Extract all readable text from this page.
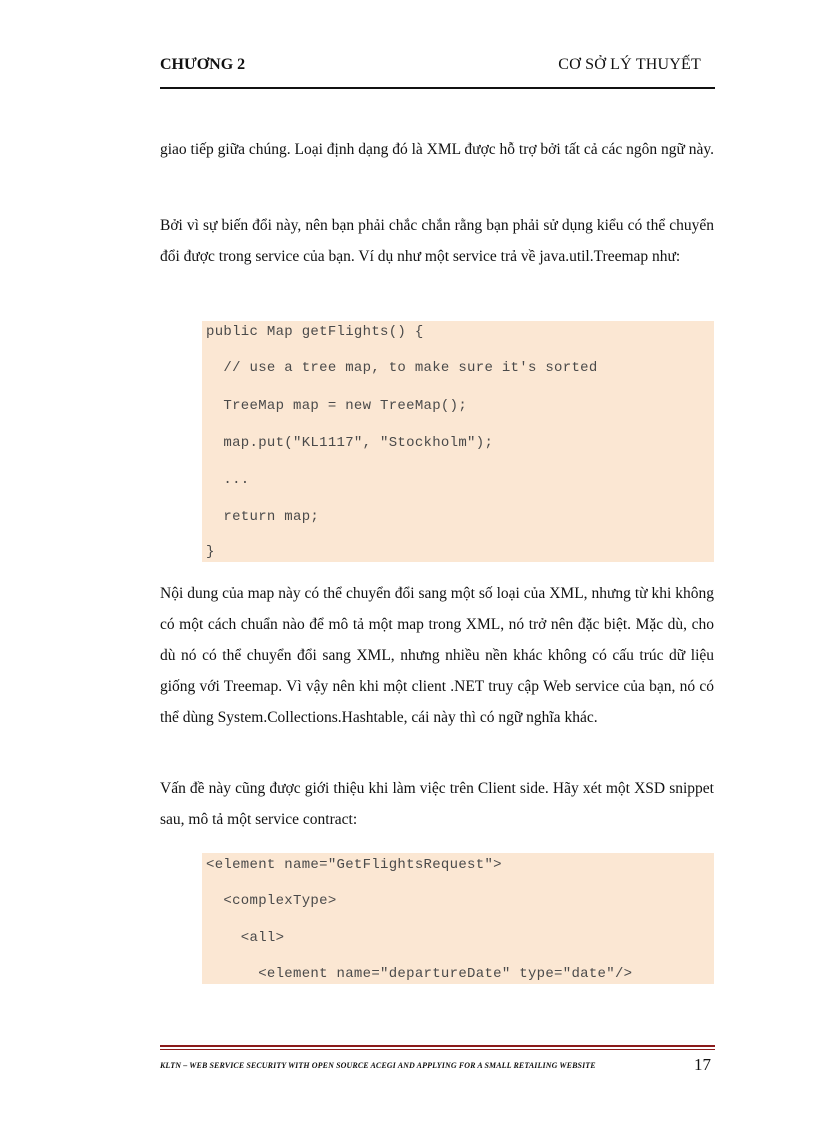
CHƯƠNG 2	CƠ SỞ LÝ THUYẾT

giao tiếp giữa chúng. Loại định dạng đó là XML được hỗ trợ bởi tất cả các ngôn ngữ này.

Bởi vì sự biến đổi này, nên bạn phải chắc chắn rằng bạn phải sử dụng kiểu có thể chuyển đổi được trong service của bạn. Ví dụ như một service trả về java.util.Treemap như:

public Map getFlights() {
// use a tree map, to make sure it's sorted
TreeMap map = new TreeMap();
map.put("KL1117", "Stockholm");
...
return map;
}

Nội dung của map này có thể chuyển đổi sang một số loại của XML, nhưng từ khi không có một cách chuẩn nào để mô tả một map trong XML, nó trở nên đặc biệt. Mặc dù, cho dù nó có thể chuyển đổi sang XML, nhưng nhiều nền khác không có cấu trúc dữ liệu giống với Treemap. Vì vậy nên khi một client .NET truy cập Web service của bạn, nó có thể dùng System.Collections.Hashtable, cái này thì có ngữ nghĩa khác.

Vấn đề này cũng được giới thiệu khi làm việc trên Client side. Hãy xét một XSD snippet sau, mô tả một service contract:

<element name="GetFlightsRequest">
<complexType>
<all>
<element name="departureDate" type="date"/>
KLTN – WEB SERVICE SECURITY WITH OPEN SOURCE ACEGI AND APPLYING FOR A SMALL RETAILING WEBSITE	17
